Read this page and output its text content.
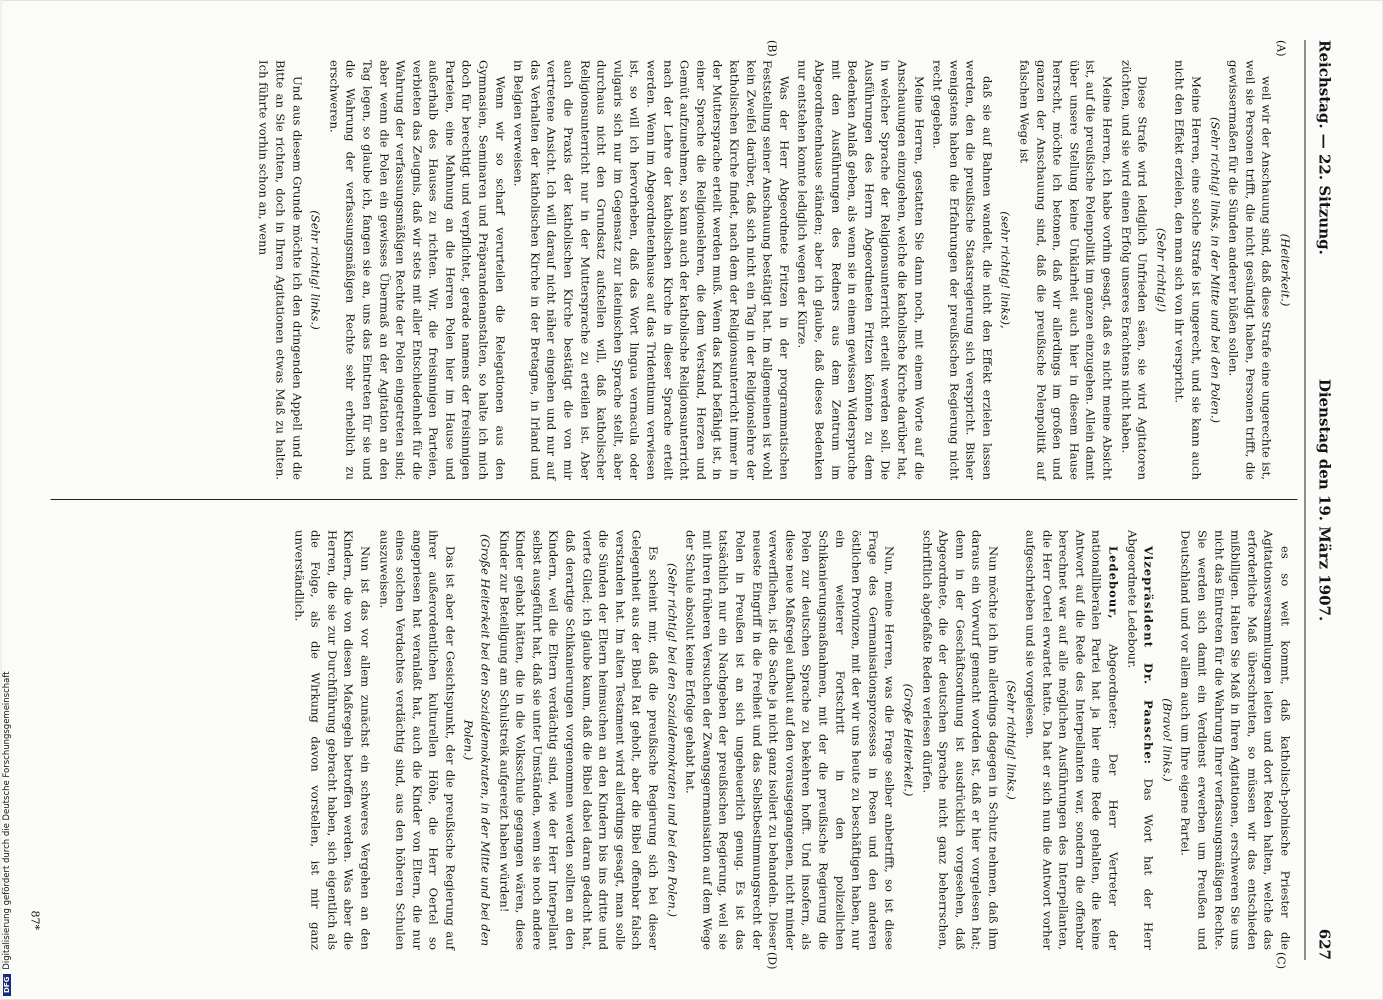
Reichstag. — 22. Sitzung.
Dienstag den 19. März 1907.
627
(A)
(B)
(C)
(D)

(Heiterkeit.)

weil wir der Anschauung sind, daß diese Strafe eine ungerechte ist, weil sie Personen trifft, die nicht gesündigt haben, Personen trifft, die gewissermaßen für die Sünden anderer büßen sollen.

(Sehr richtig! links, in der Mitte und bei den Polen.)

Meine Herren, eine solche Strafe ist ungerecht, und sie kann auch nicht den Effekt erzielen, den man sich von ihr verspricht.

(Sehr richtig!)

Diese Strafe wird lediglich Unfrieden säen, sie wird Agitatoren züchten, und sie wird einen Erfolg unseres Erachtens nicht haben.

Meine Herren, ich habe vorhin gesagt, daß es nicht meine Absicht ist, auf die preußische Polenpolitik im ganzen einzugehen. Allein damit über unsere Stellung keine Unklarheit auch hier in diesem Hause herrscht, möchte ich betonen, daß wir allerdings im großen und ganzen der Anschauung sind, daß die preußische Polenpolitik auf falschen Wege ist

(sehr richtig! links),

daß sie auf Bahnen wandelt, die nicht den Effekt erzielen lassen werden, den die preußische Staatsregierung sich verspricht. Bisher wenigstens haben die Erfahrungen der preußischen Regierung nicht recht gegeben.

Meine Herren, gestatten Sie dann noch, mit einem Worte auf die Anschauungen einzugehen, welche die katholische Kirche darüber hat, in welcher Sprache der Religionsunterricht erteilt werden soll. Die Ausführungen des Herrn Abgeordneten Fritzen könnten zu dem Bedenken Anlaß geben, als wenn sie in einem gewissen Widerspruche mit den Ausführungen des Redners aus dem Zentrum im Abgeordnetenhause ständen; aber ich glaube, daß dieses Bedenken nur entstehen konnte lediglich wegen der Kürze.

Was der Herr Abgeordnete Fritzen in der programmatischen Feststellung seiner Anschauung bestätigt hat. Im allgemeinen ist wohl kein Zweifel darüber, daß sich nicht ein Tag in der Religionslehre der katholischen Kirche findet, nach dem der Religionsunterricht immer in der Muttersprache erteilt werden muß. Wenn das Kind befähigt ist, in einer Sprache die Religionslehren, die dem Verstand, Herzen und Gemüt aufzunehmen, so kann auch der katholische Religionsunterricht nach der Lehre der katholischen Kirche in dieser Sprache erteilt werden. Wenn im Abgeordnetenhause auf das Tridentinum verwiesen ist, so will ich hervorheben, daß das Wort lingua vernacula oder vulgaris sich nur im Gegensatz zur lateinischen Sprache stellt, aber durchaus nicht den Grundsatz aufstellen will, daß katholischer Religionsunterricht nur in der Muttersprache zu erteilen ist. Aber auch die Praxis der katholischen Kirche bestätigt die von mir vertretene Ansicht. Ich will darauf nicht näher eingehen und nur auf das Verhalten der katholischen Kirche in der Bretagne, in Irland und in Belgien verweisen.

Wenn wir so scharf verurteilen die Relegationen aus den Gymnasien, Seminaren und Präparandenanstalten, so halte ich mich doch für berechtigt und verpflichtet, gerade namens der freisinnigen Parteien, eine Mahnung an die Herren Polen hier im Hause und außerhalb des Hauses zu richten. Wir, die freisinnigen Parteien, verbieten das Zeugnis, daß wir stets mit aller Entschiedenheit für die Wahrung der verfassungsmäßigen Rechte der Polen eingetreten sind; aber wenn die Polen ein gewisses Übermaß an der Agitation an den Tag legen, so glaube ich, fangen sie an, uns das Eintreten für sie und die Wahrung der verfassungsmäßigen Rechte sehr erheblich zu erschweren.

(Sehr richtig! links.)

Und aus diesem Grunde möchte ich den dringenden Appell und die Bitte an Sie richten, doch in Ihren Agitationen etwas Maß zu halten. Ich führte vorhin schon an, wenn

es so weit kommt, daß katholisch-polnische Priester die Agitationsversammlungen leiten und dort Reden halten, welche das erforderliche Maß überschreiten, so müssen wir das entschieden mißbilligen. Halten Sie Maß in Ihren Agitationen, erschweren Sie uns nicht das Eintreten für die Wahrung Ihrer verfassungsmäßigen Rechte. Sie werden sich damit ein Verdienst erwerben um Preußen und Deutschland und vor allem auch um Ihre eigene Partei.

(Bravo! links.)

Vizepräsident Dr. Paasche: Das Wort hat der Herr Abgeordnete Ledebour.

Ledebour, Abgeordneter: Der Herr Vertreter der nationalliberalen Partei hat ja hier eine Rede gehalten, die keine Antwort auf die Rede des Interpellanten war, sondern die offenbar berechnet war auf alle möglichen Ausführungen des Interpellanten, die Herr Oertel erwartet hatte. Da hat er sich nun die Antwort vorher aufgeschrieben und sie vorgelesen.

(Sehr richtig! links.)

Nun möchte ich ihn allerdings dagegen in Schutz nehmen, daß ihm daraus ein Vorwurf gemacht worden ist, daß er hier vorgelesen hat; denn in der Geschäftsordnung ist ausdrücklich vorgesehen, daß Abgeordnete, die der deutschen Sprache nicht ganz beherrschen, schriftlich abgefaßte Reden verlesen dürfen.

(Große Heiterkeit.)

Nun, meine Herren, was die Frage selber anbetrifft, so ist diese Frage des Germanisationsprozesses in Posen und den anderen östlichen Provinzen, mit der wir uns heute zu beschäftigen haben, nur ein weiterer Fortschritt in den polizeilichen Schikanierungsmaßnahmen, mit der die preußische Regierung die Polen zur deutschen Sprache zu bekehren hofft. Und insofern, als diese neue Maßregel aufbaut auf den vorausgegangenen, nicht minder verwerflichen, ist die Sache ja nicht ganz isoliert zu behandeln. Dieser neueste Eingriff in die Freiheit und das Selbstbestimmungsrecht der Polen in Preußen ist an sich ungeheuerlich genug. Es ist das tatsächlich nur ein Nachgeben der preußischen Regierung, weil sie mit ihren früheren Versuchen der Zwangsgermanisation auf dem Wege der Schule absolut keine Erfolge gehabt hat.

(Sehr richtig! bei den Sozialdemokraten und bei den Polen.)

Es scheint mir, daß die preußische Regierung sich bei dieser Gelegenheit aus der Bibel Rat geholt, aber die Bibel offenbar falsch verstanden hat. Im alten Testament wird allerdings gesagt, man solle die Sünden der Eltern heimsuchen an den Kindern bis ins dritte und vierte Glied; ich glaube kaum, daß die Bibel dabei daran gedacht hat, daß derartige Schikanierungen vorgenommen werden sollten an den Kindern, weil die Eltern verdächtig sind, wie der Herr Interpellant selbst ausgeführt hat, daß sie unter Umständen, wenn sie noch andere Kinder gehabt hätten, die in die Volksschule gegangen wären, diese Kinder zur Beteiligung am Schulstreik aufgereizt haben würden!

(Große Heiterkeit bei den Sozialdemokraten, in der Mitte und bei den Polen.)

Das ist aber der Gesichtspunkt, der die preußische Regierung auf ihrer außerordentlichen kulturellen Höhe, die Herr Oertel so angepriesen hat veranlaßt hat, auch die Kinder von Eltern, die nur eines solchen Verdachtes verdächtig sind, aus den höheren Schulen auszuweisen.

Nun ist das vor allem zunächst ein schweres Vergehen an den Kindern, die von diesen Maßregeln betroffen werden. Was aber die Herren, die sie zur Durchführung gebracht haben, sich eigentlich als die Folge, als die Wirkung davon vorstellen, ist mir ganz unverständlich.

87*
DFGDigitalisierung gefördert durch die Deutsche Forschungsgemeinschaft
